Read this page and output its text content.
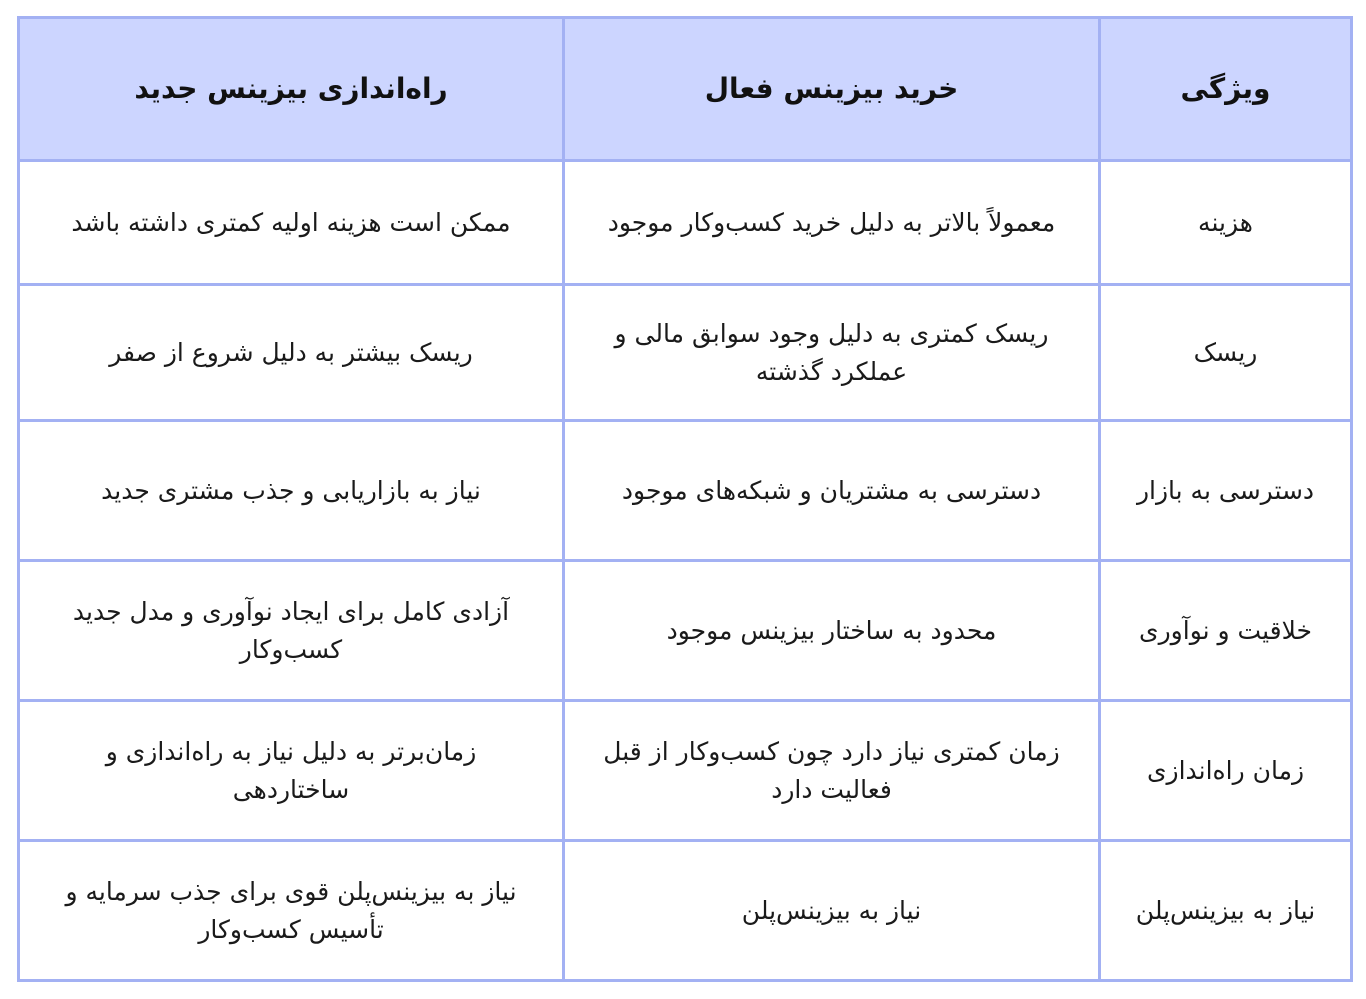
ویژگی	خرید بیزینس فعال	راه‌اندازی بیزینس جدید
هزینه	معمولاً بالاتر به دلیل خرید کسب‌وکار موجود	ممکن است هزینه اولیه کمتری داشته باشد
ریسک	ریسک کمتری به دلیل وجود سوابق مالی و عملکرد گذشته	ریسک بیشتر به دلیل شروع از صفر
دسترسی به بازار	دسترسی به مشتریان و شبکه‌های موجود	نیاز به بازاریابی و جذب مشتری جدید
خلاقیت و نوآوری	محدود به ساختار بیزینس موجود	آزادی کامل برای ایجاد نوآوری و مدل جدید کسب‌وکار
زمان راه‌اندازی	زمان کمتری نیاز دارد چون کسب‌وکار از قبل فعالیت دارد	زمان‌برتر به دلیل نیاز به راه‌اندازی و ساختاردهی
نیاز به بیزینس‌پلن	نیاز به بیزینس‌پلن	نیاز به بیزینس‌پلن قوی برای جذب سرمایه و تأسیس کسب‌وکار
